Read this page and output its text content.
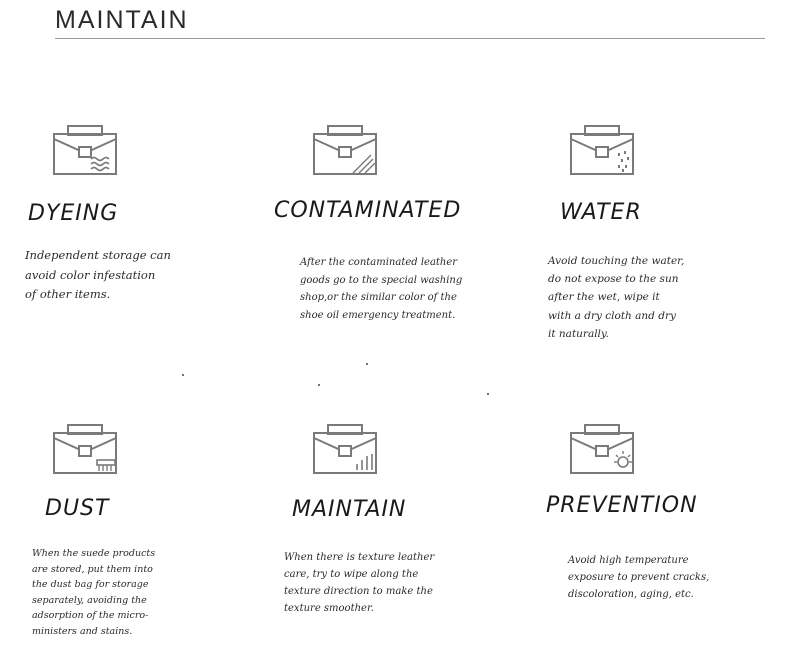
MAINTAIN
DYEING
Independent storage can
avoid color infestation
of other items.
CONTAMINATED
After the contaminated leather
goods go to the special washing
shop,or the similar color of the
shoe oil emergency treatment.
WATER
Avoid touching the water,
do not expose to the sun
after the wet, wipe it
with a dry cloth and dry
it naturally.
DUST
When the suede products
are stored, put them into
the dust bag for storage
separately, avoiding the
adsorption of the micro-
ministers and stains.
MAINTAIN
When there is texture leather
care, try to wipe along the
texture direction to make the
texture smoother.
PREVENTION
Avoid high temperature
exposure to prevent cracks,
discoloration, aging, etc.
